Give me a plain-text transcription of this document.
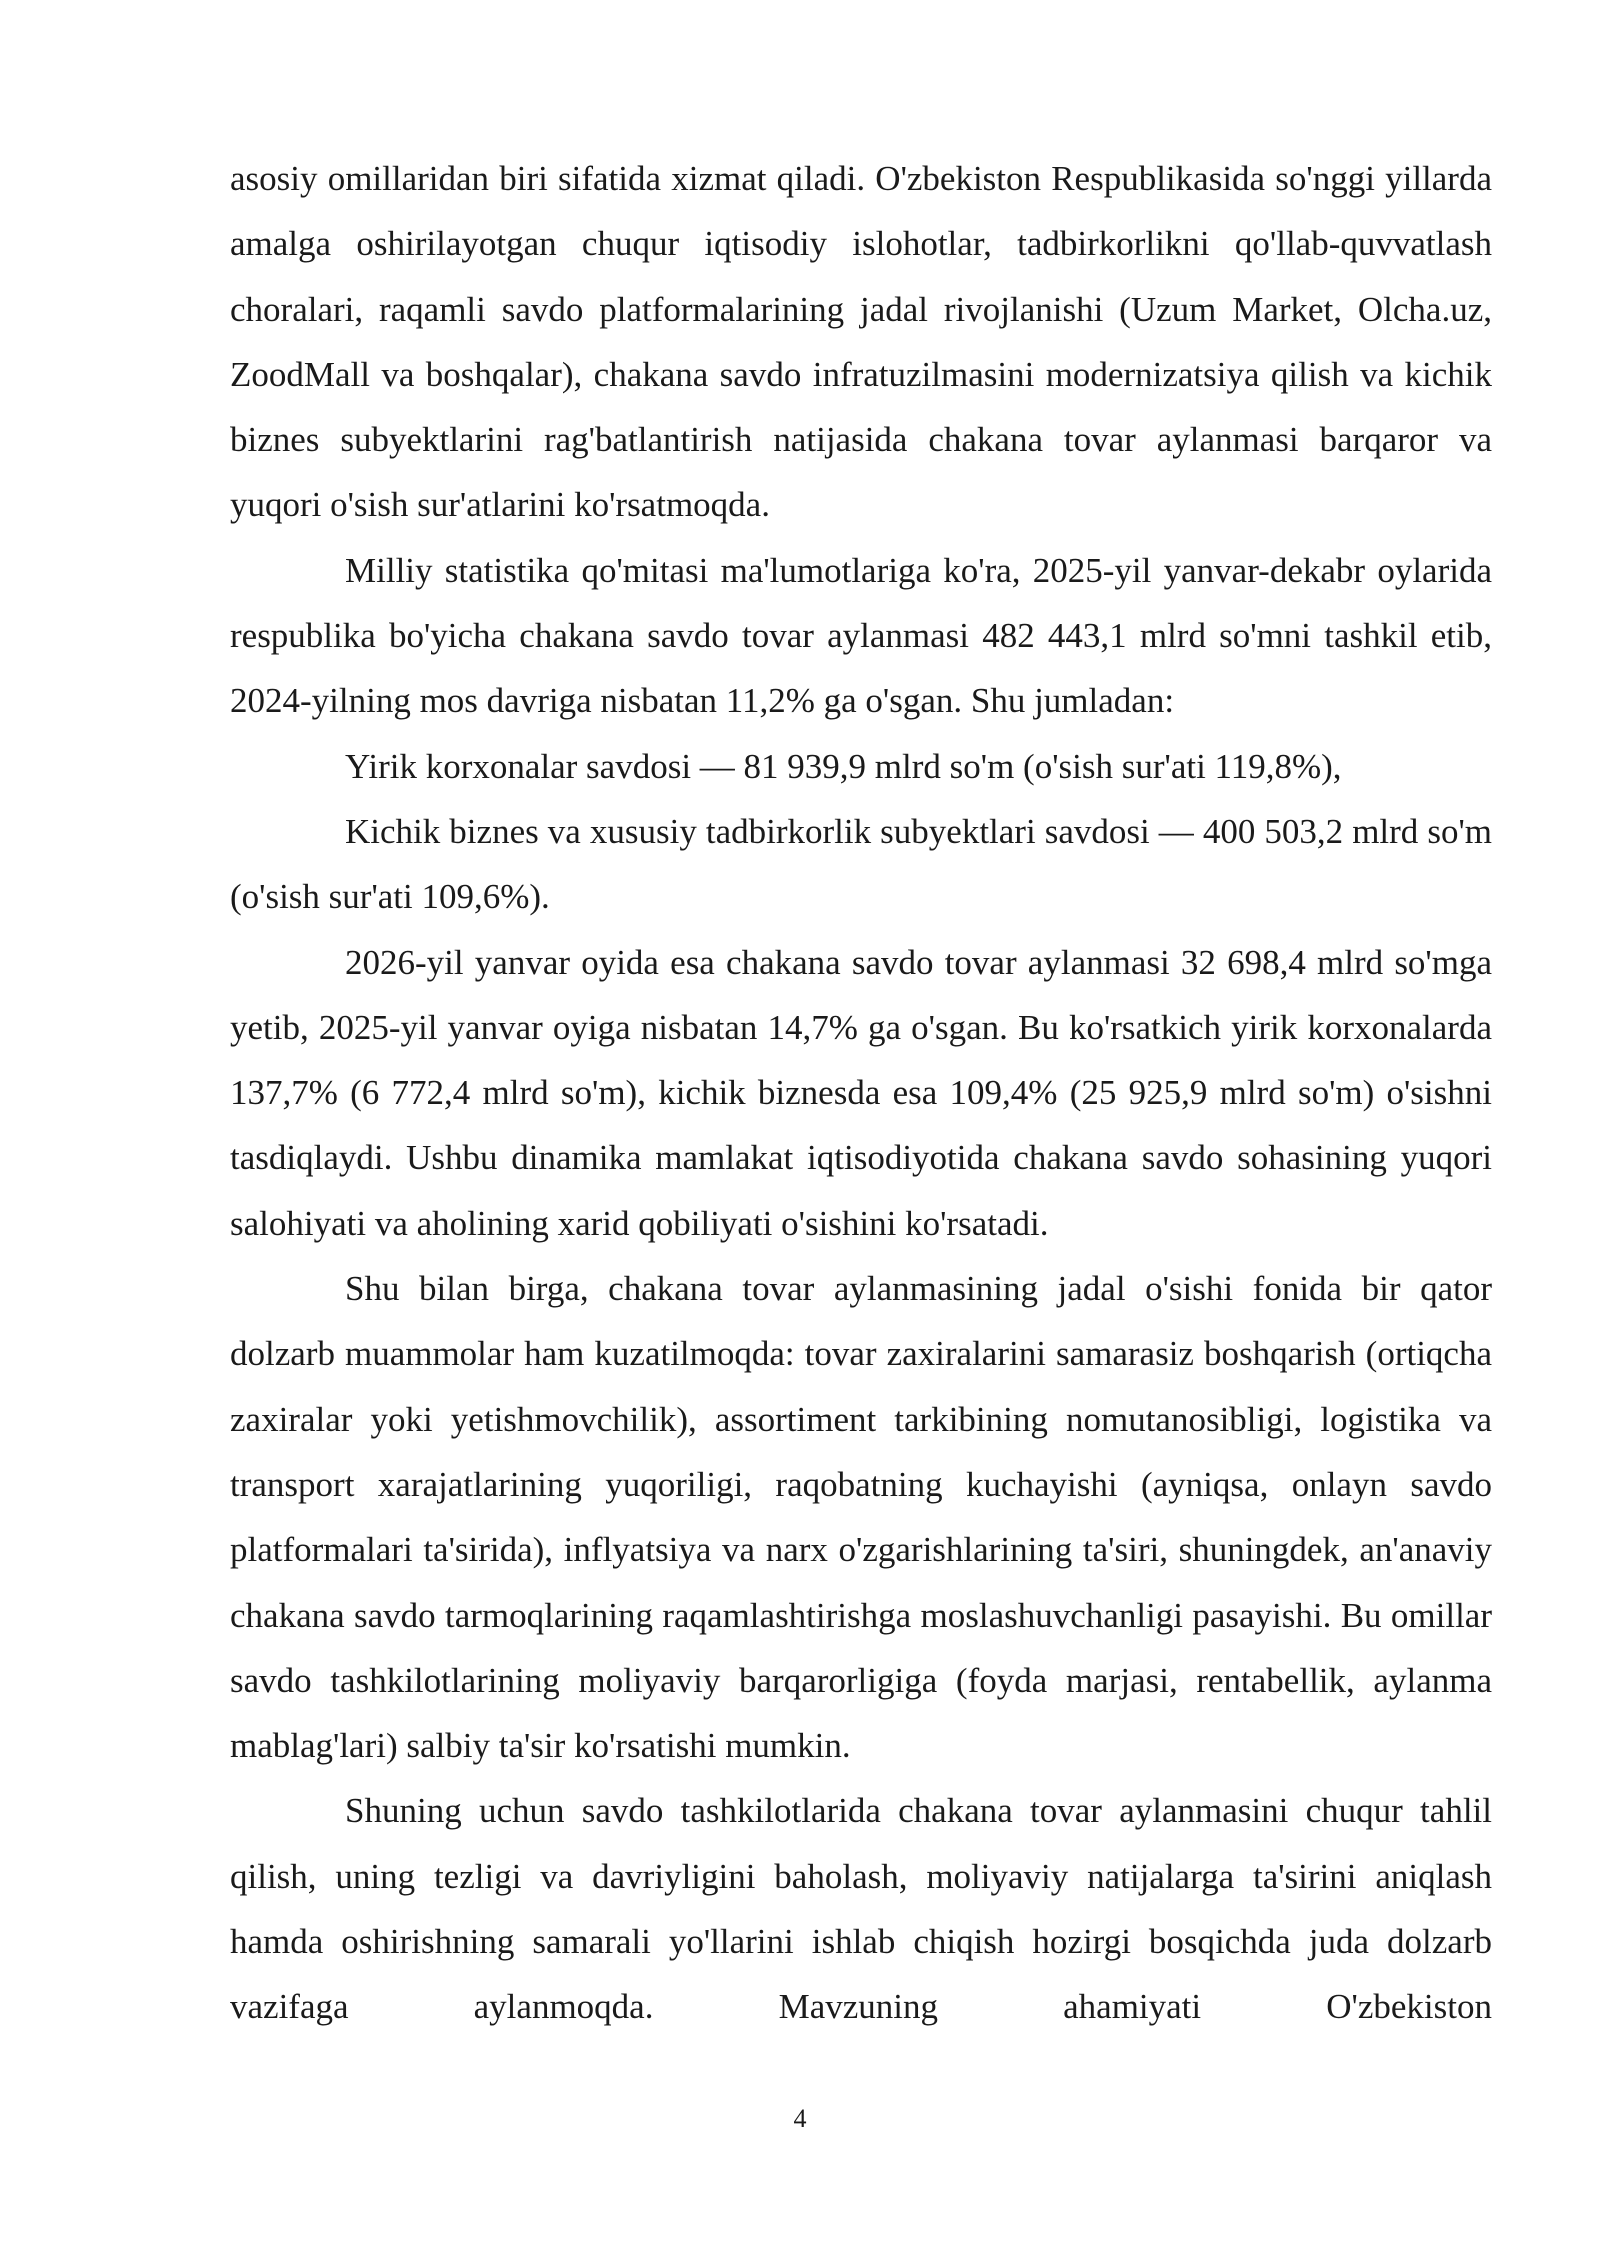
asosiy omillaridan biri sifatida xizmat qiladi. O'zbekiston Respublikasida so'nggi yillarda amalga oshirilayotgan chuqur iqtisodiy islohotlar, tadbirkorlikni qo'llab-quvvatlash choralari, raqamli savdo platformalarining jadal rivojlanishi (Uzum Market, Olcha.uz, ZoodMall va boshqalar), chakana savdo infratuzilmasini modernizatsiya qilish va kichik biznes subyektlarini rag'batlantirish natijasida chakana tovar aylanmasi barqaror va yuqori o'sish sur'atlarini ko'rsatmoqda.

Milliy statistika qo'mitasi ma'lumotlariga ko'ra, 2025-yil yanvar-dekabr oylarida respublika bo'yicha chakana savdo tovar aylanmasi 482 443,1 mlrd so'mni tashkil etib, 2024-yilning mos davriga nisbatan 11,2% ga o'sgan. Shu jumladan:

Yirik korxonalar savdosi — 81 939,9 mlrd so'm (o'sish sur'ati 119,8%),

Kichik biznes va xususiy tadbirkorlik subyektlari savdosi — 400 503,2 mlrd so'm (o'sish sur'ati 109,6%).

2026-yil yanvar oyida esa chakana savdo tovar aylanmasi 32 698,4 mlrd so'mga yetib, 2025-yil yanvar oyiga nisbatan 14,7% ga o'sgan. Bu ko'rsatkich yirik korxonalarda 137,7% (6 772,4 mlrd so'm), kichik biznesda esa 109,4% (25 925,9 mlrd so'm) o'sishni tasdiqlaydi. Ushbu dinamika mamlakat iqtisodiyotida chakana savdo sohasining yuqori salohiyati va aholining xarid qobiliyati o'sishini ko'rsatadi.

Shu bilan birga, chakana tovar aylanmasining jadal o'sishi fonida bir qator dolzarb muammolar ham kuzatilmoqda: tovar zaxiralarini samarasiz boshqarish (ortiqcha zaxiralar yoki yetishmovchilik), assortiment tarkibining nomutanosibligi, logistika va transport xarajatlarining yuqoriligi, raqobatning kuchayishi (ayniqsa, onlayn savdo platformalari ta'sirida), inflyatsiya va narx o'zgarishlarining ta'siri, shuningdek, an'anaviy chakana savdo tarmoqlarining raqamlashtirishga moslashuvchanligi pasayishi. Bu omillar savdo tashkilotlarining moliyaviy barqarorligiga (foyda marjasi, rentabellik, aylanma mablag'lari) salbiy ta'sir ko'rsatishi mumkin.

Shuning uchun savdo tashkilotlarida chakana tovar aylanmasini chuqur tahlil qilish, uning tezligi va davriyligini baholash, moliyaviy natijalarga ta'sirini aniqlash hamda oshirishning samarali yo'llarini ishlab chiqish hozirgi bosqichda juda dolzarb vazifaga aylanmoqda. Mavzuning ahamiyati O'zbekiston

4
